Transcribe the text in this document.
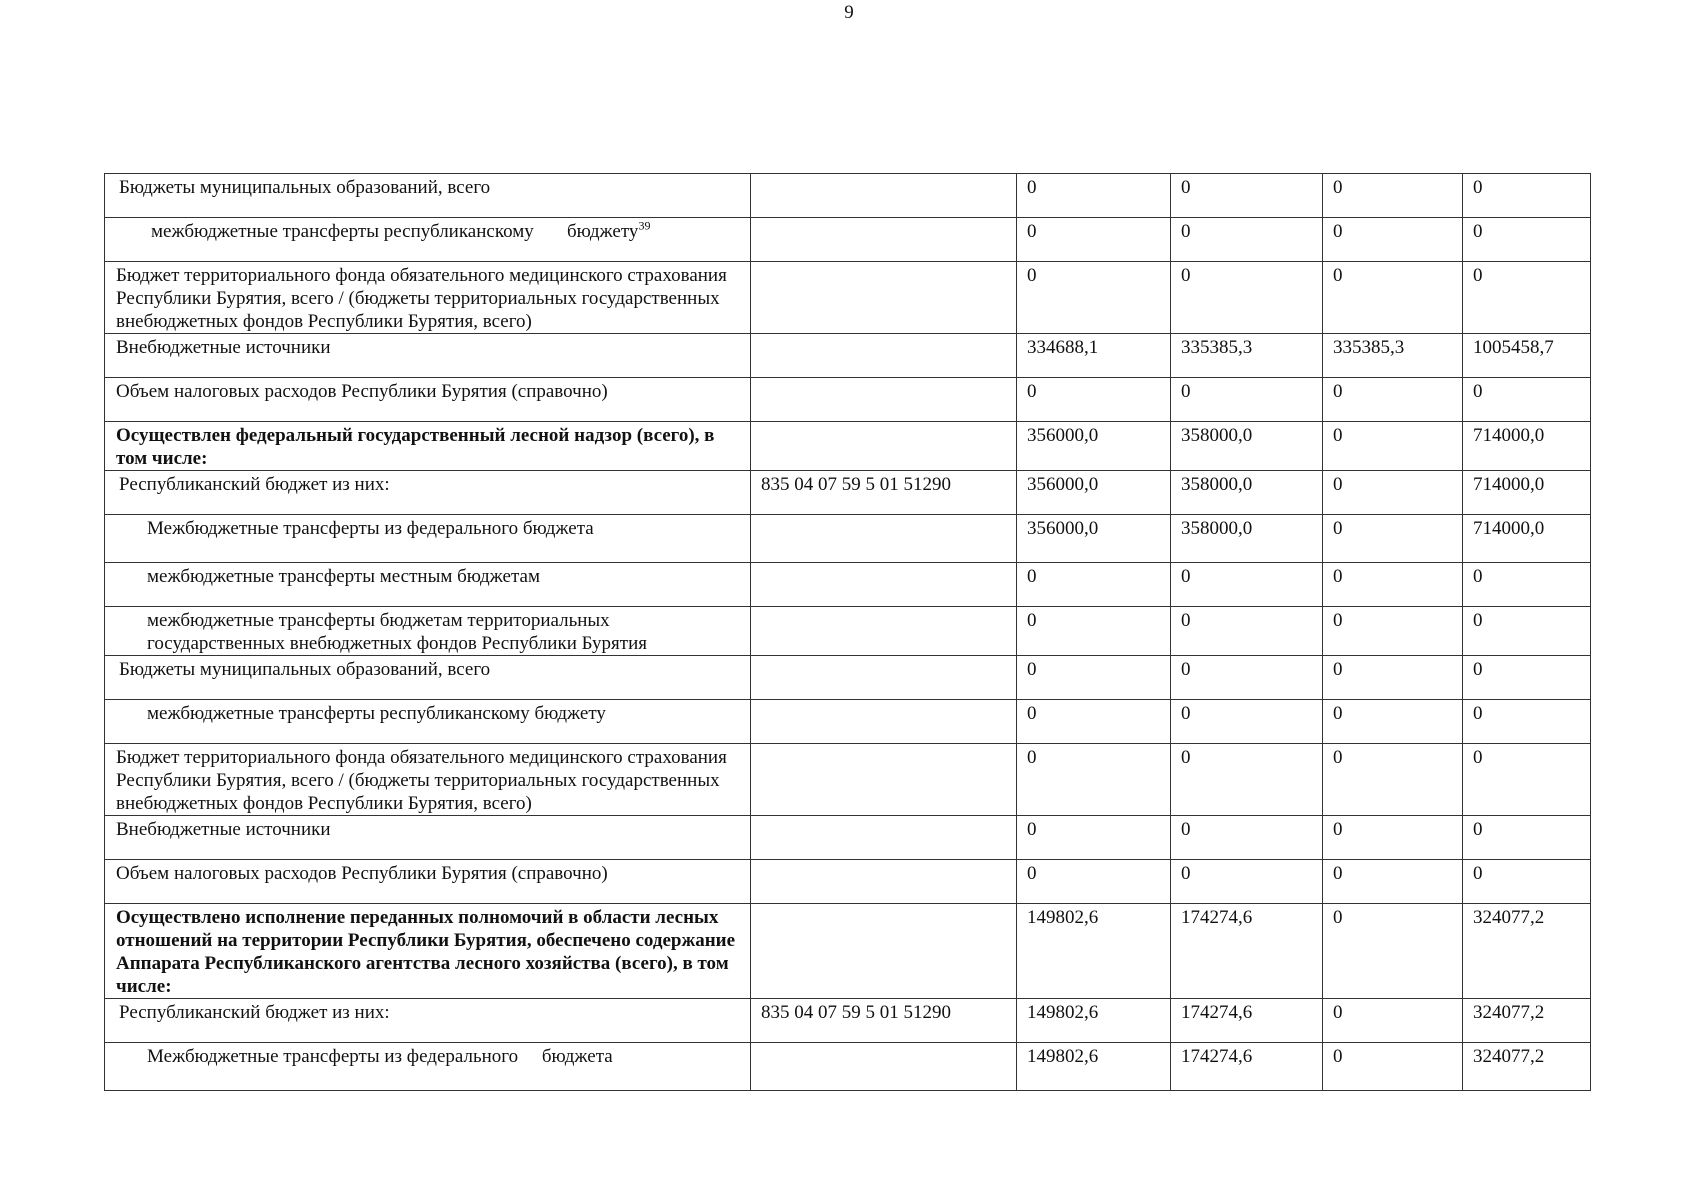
9
Бюджеты муниципальных образований, всего		0	0	0	0
межбюджетные трансферты республиканскому       бюджету$^{39}$		0	0	0	0
Бюджет территориального фонда обязательного медицинского страхования Республики Бурятия, всего / (бюджеты территориальных государственных внебюджетных фондов Республики Бурятия, всего)		0	0	0	0
Внебюджетные источники		334688,1	335385,3	335385,3	1005458,7
Объем налоговых расходов Республики Бурятия (справочно)		0	0	0	0
Осуществлен федеральный государственный лесной надзор (всего), в том числе:		356000,0	358000,0	0	714000,0
Республиканский бюджет из них:	835 04 07 59 5 01 51290	356000,0	358000,0	0	714000,0
Межбюджетные трансферты из федерального бюджета		356000,0	358000,0	0	714000,0
межбюджетные трансферты местным бюджетам		0	0	0	0
межбюджетные трансферты бюджетам территориальных государственных внебюджетных фондов Республики Бурятия		0	0	0	0
Бюджеты муниципальных образований, всего		0	0	0	0
межбюджетные трансферты республиканскому бюджету		0	0	0	0
Бюджет территориального фонда обязательного медицинского страхования Республики Бурятия, всего / (бюджеты территориальных государственных внебюджетных фондов Республики Бурятия, всего)		0	0	0	0
Внебюджетные источники		0	0	0	0
Объем налоговых расходов Республики Бурятия (справочно)		0	0	0	0
Осуществлено исполнение переданных полномочий в области лесных отношений на территории Республики Бурятия, обеспечено содержание Аппарата Республиканского агентства лесного хозяйства (всего), в том числе:		149802,6	174274,6	0	324077,2
Республиканский бюджет из них:	835 04 07 59 5 01 51290	149802,6	174274,6	0	324077,2
Межбюджетные трансферты из федерального     бюджета		149802,6	174274,6	0	324077,2
